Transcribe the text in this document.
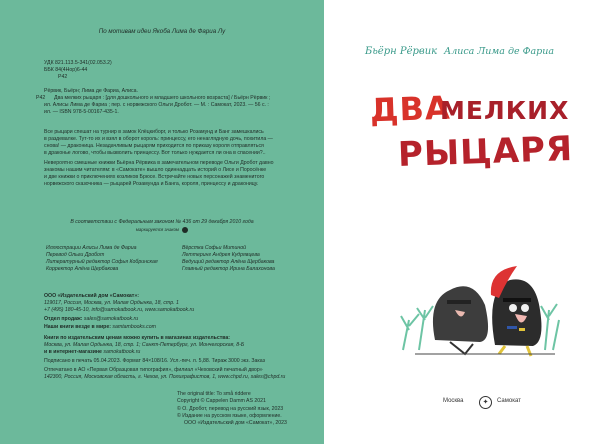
По мотивам идеи Якоба Лима де Фариа Лу
УДК 821.113.5-341(02.053.2)
ББК 84(4Нор)6-44
Р42
Рёрвик, Бьёрн; Лима де Фариа, Алиса.
Р42 Два мелких рыцаря : [для дошкольного и младшего школьного возраста] / Бьёрн Рёрвик ;
ил. Алисы Лима де Фариа ; пер. с норвежского Ольги Дробот. — М. : Самокат, 2023. — 56 с. :
ил. — ISBN 978-5-00167-435-1.
Все рыцари спешат на турнир в замок Клёцкиборг, и только Розамунд и Банг замешкались
в раздевалке. Тут-то их и взял в оборот король: принцессу, его ненаглядную дочь, похитила —
снова! — драконица. Незадачливым рыцарям приходится по приказу короля отправляться
в драконье логово, чтобы вызволить принцессу. Вот только нуждается ли она в спасении?..
Невероятно смешные книжки Бьёрна Рёрвика в замечательном переводе Ольги Дробот давно
знакомы нашим читателям: в «Самокате» вышло одиннадцать историй о Лисе и Поросёнке
и две книжки о приключениях козликов Брюсе. Встречайте новых персонажей знаменитого
норвежского сказочника — рыцарей Розамунда и Банга, короля, принцессу и драконицу.
В соответствии с Федеральным законом № 436 от 29 декабря 2010 года
маркируется знаком
Иллюстрации Алисы Лима де Фариа
Перевод Ольги Дробот
Литературный редактор Софья Кобринская
Корректор Алёна Щербакова
Вёрстка Софьи Митиной
Леттеринг Андрея Кудрявцева
Ведущий редактор Алёна Щербакова
Главный редактор Ирина Балахонова
ООО «Издательский дом «Самокат»:
119017, Россия, Москва, ул. Малая Ордынка, 18, стр. 1
+7 (495) 180-45-10, info@samokatbook.ru, www.samokatbook.ru
Отдел продаж: sales@samokatbook.ru
Наши книги везде в мире: samtambooks.com
Книги по издательским ценам можно купить в магазинах издательства:
Москва, ул. Малая Ордынка, 18, стр. 1; Санкт-Петербург, ул. Мончегорская, 8-Б
и в интернет-магазине samokatbook.ru
Подписано в печать 05.04.2023. Формат 84×108/16. Усл.-печ. л. 5,88. Тираж 3000 экз. Заказ
Отпечатано в АО «Первая Образцовая типография», филиал «Чеховский печатный двор»
142300, Россия, Московская область, г. Чехов, ул. Полиграфистов, 1, www.chpd.ru, sales@chpd.ru
The original title: To små riddere
Copyright © Cappelen Damm AS 2021
© О. Дробот, перевод на русский язык, 2023
© Издание на русском языке, оформление.
ООО «Издательский дом «Самокат», 2023
Бьёрн Рёрвик Алиса Лима де Фариа
ДВА
МЕЛКИХ
РЫЦАРЯ
Москва	✦	Самокат
